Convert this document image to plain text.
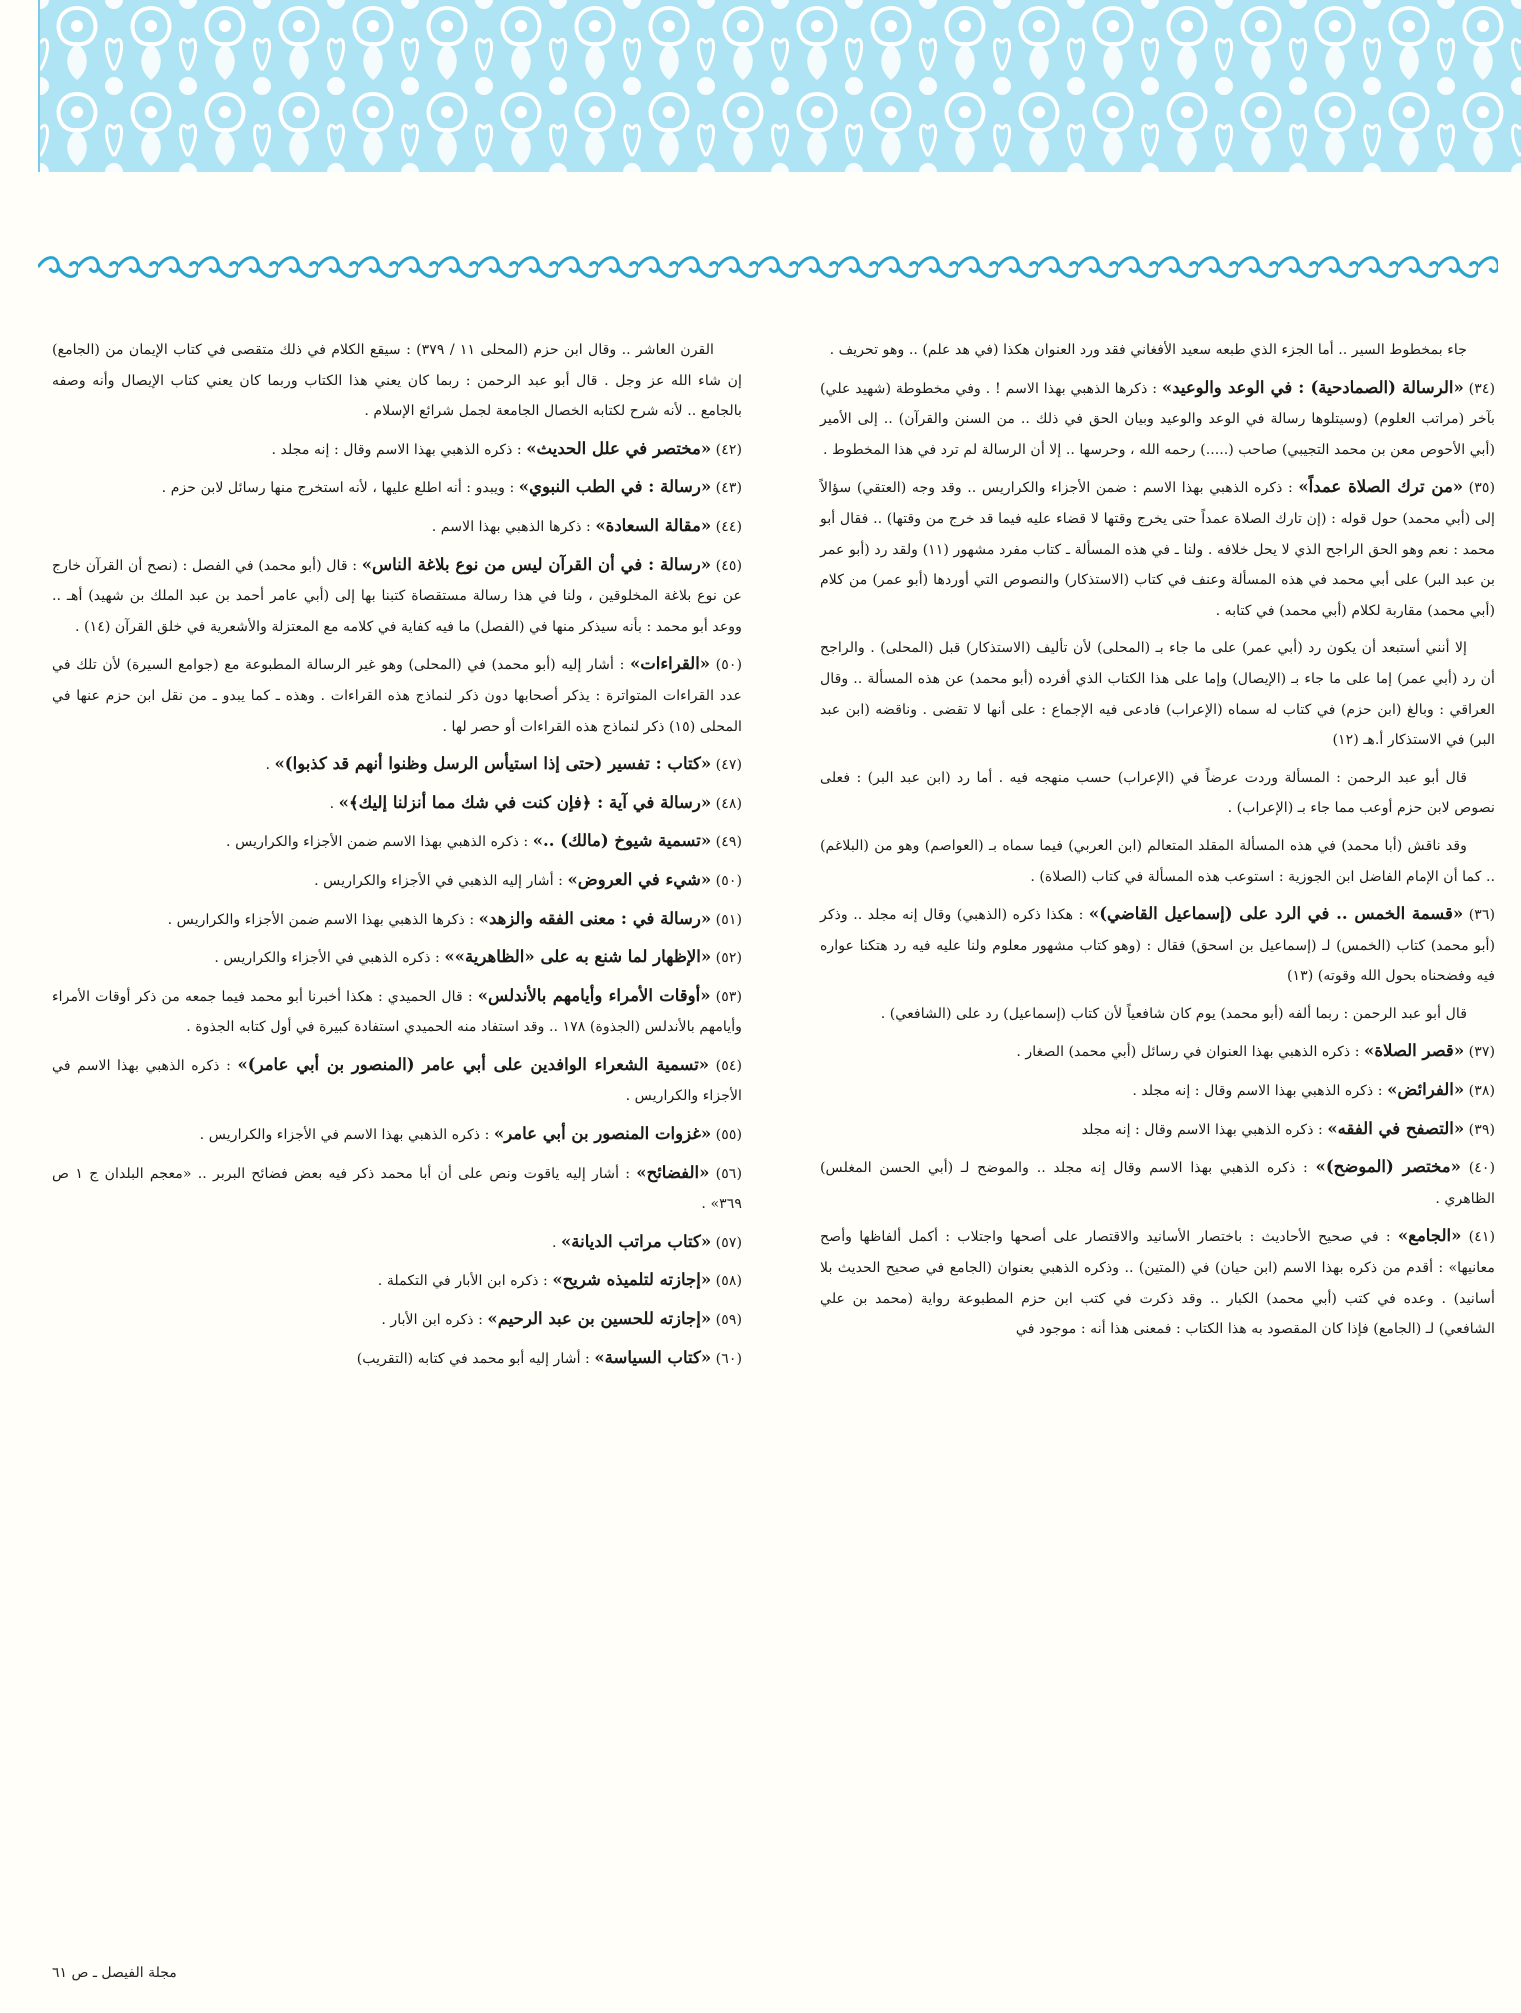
جاء بمخطوط السير .. أما الجزء الذي طبعه سعيد الأفغاني فقد ورد العنوان هكذا (في هد علم) .. وهو تحريف .
(٣٤) «الرسالة (الصمادحية) : في الوعد والوعيد» : ذكرها الذهبي بهذا الاسم ! . وفي مخطوطة (شهيد علي) بآخر (مراتب العلوم) (وسيتلوها رسالة في الوعد والوعيد وبيان الحق في ذلك .. من السنن والقرآن) .. إلى الأمير (أبي الأحوص معن بن محمد التجيبي) صاحب (.....) رحمه الله ، وحرسها .. إلا أن الرسالة لم ترد في هذا المخطوط .
(٣٥) «من ترك الصلاة عمداً» : ذكره الذهبي بهذا الاسم : ضمن الأجزاء والكراريس .. وقد وجه (العتقي) سؤالاً إلى (أبي محمد) حول قوله : (إن تارك الصلاة عمداً حتى يخرج وقتها لا قضاء عليه فيما قد خرج من وقتها) .. فقال أبو محمد : نعم وهو الحق الراجح الذي لا يحل خلافه . ولنا ـ في هذه المسألة ـ كتاب مفرد مشهور (١١) ولقد رد (أبو عمر بن عبد البر) على أبي محمد في هذه المسألة وعنف في كتاب (الاستذكار) والنصوص التي أوردها (أبو عمر) من كلام (أبي محمد) مقاربة لكلام (أبي محمد) في كتابه .
إلا أنني أستبعد أن يكون رد (أبي عمر) على ما جاء بـ (المحلى) لأن تأليف (الاستذكار) قبل (المحلى) . والراجح أن رد (أبي عمر) إما على ما جاء بـ (الإيصال) وإما على هذا الكتاب الذي أفرده (أبو محمد) عن هذه المسألة .. وقال العراقي : وبالغ (ابن حزم) في كتاب له سماه (الإعراب) فادعى فيه الإجماع : على أنها لا تقضى . وناقضه (ابن عبد البر) في الاستذكار أ.هـ (١٢)
قال أبو عبد الرحمن : المسألة وردت عرضاً في (الإعراب) حسب منهجه فيه . أما رد (ابن عبد البر) : فعلى نصوص لابن حزم أوعب مما جاء بـ (الإعراب) .
وقد ناقش (أبا محمد) في هذه المسألة المقلد المتعالم (ابن العربي) فيما سماه بـ (العواصم) وهو من (البلاغم) .. كما أن الإمام الفاضل ابن الجوزية : استوعب هذه المسألة في كتاب (الصلاة) .
(٣٦) «قسمة الخمس .. في الرد على (إسماعيل القاضي)» : هكذا ذكره (الذهبي) وقال إنه مجلد .. وذكر (أبو محمد) كتاب (الخمس) لـ (إسماعيل بن اسحق) فقال : (وهو كتاب مشهور معلوم ولنا عليه فيه رد هتكنا عواره فيه وفضحناه بحول الله وقوته) (١٣)
قال أبو عبد الرحمن : ربما ألفه (أبو محمد) يوم كان شافعياً لأن كتاب (إسماعيل) رد على (الشافعي) .
(٣٧) «قصر الصلاة» : ذكره الذهبي بهذا العنوان في رسائل (أبي محمد) الصغار .
(٣٨) «الفرائض» : ذكره الذهبي بهذا الاسم وقال : إنه مجلد .
(٣٩) «التصفح في الفقه» : ذكره الذهبي بهذا الاسم وقال : إنه مجلد
(٤٠) «مختصر (الموضح)» : ذكره الذهبي بهذا الاسم وقال إنه مجلد .. والموضح لـ (أبي الحسن المغلس) الظاهري .
(٤١) «الجامع» : في صحيح الأحاديث : باختصار الأسانيد والاقتصار على أصحها واجتلاب : أكمل ألفاظها وأصح معانيها» : أقدم من ذكره بهذا الاسم (ابن حيان) في (المتين) .. وذكره الذهبي بعنوان (الجامع في صحيح الحديث بلا أسانيد) . وعده في كتب (أبي محمد) الكبار .. وقد ذكرت في كتب ابن حزم المطبوعة رواية (محمد بن علي الشافعي) لـ (الجامع) فإذا كان المقصود به هذا الكتاب : فمعنى هذا أنه : موجود في
القرن العاشر .. وقال ابن حزم (المحلى ١١ / ٣٧٩) : سيقع الكلام في ذلك متقصى في كتاب الإيمان من (الجامع) إن شاء الله عز وجل . قال أبو عبد الرحمن : ربما كان يعني هذا الكتاب وربما كان يعني كتاب الإيصال وأنه وصفه بالجامع .. لأنه شرح لكتابه الخصال الجامعة لجمل شرائع الإسلام .
(٤٢) «مختصر في علل الحديث» : ذكره الذهبي بهذا الاسم وقال : إنه مجلد .
(٤٣) «رسالة : في الطب النبوي» : ويبدو : أنه اطلع عليها ، لأنه استخرج منها رسائل لابن حزم .
(٤٤) «مقالة السعادة» : ذكرها الذهبي بهذا الاسم .
(٤٥) «رسالة : في أن القرآن ليس من نوع بلاغة الناس» : قال (أبو محمد) في الفصل : (نصح أن القرآن خارج عن نوع بلاغة المخلوقين ، ولنا في هذا رسالة مستقصاة كتبنا بها إلى (أبي عامر أحمد بن عبد الملك بن شهيد) أهـ .. ووعد أبو محمد : بأنه سيذكر منها في (الفصل) ما فيه كفاية في كلامه مع المعتزلة والأشعرية في خلق القرآن (١٤) .
(٥٠) «القراءات» : أشار إليه (أبو محمد) في (المحلى) وهو غير الرسالة المطبوعة مع (جوامع السيرة) لأن تلك في عدد القراءات المتواترة : يذكر أصحابها دون ذكر لنماذج هذه القراءات . وهذه ـ كما يبدو ـ من نقل ابن حزم عنها في المحلى (١٥) ذكر لنماذج هذه القراءات أو حصر لها .
(٤٧) «كتاب : تفسير (حتى إذا استيأس الرسل وظنوا أنهم قد كذبوا)» .
(٤٨) «رسالة في آية : ﴿فإن كنت في شك مما أنزلنا إليك﴾» .
(٤٩) «تسمية شيوخ (مالك) ..» : ذكره الذهبي بهذا الاسم ضمن الأجزاء والكراريس .
(٥٠) «شيء في العروض» : أشار إليه الذهبي في الأجزاء والكراريس .
(٥١) «رسالة في : معنى الفقه والزهد» : ذكرها الذهبي بهذا الاسم ضمن الأجزاء والكراريس .
(٥٢) «الإظهار لما شنع به على «الظاهرية»» : ذكره الذهبي في الأجزاء والكراريس .
(٥٣) «أوقات الأمراء وأيامهم بالأندلس» : قال الحميدي : هكذا أخبرنا أبو محمد فيما جمعه من ذكر أوقات الأمراء وأيامهم بالأندلس (الجذوة) ١٧٨ .. وقد استفاد منه الحميدي استفادة كبيرة في أول كتابه الجذوة .
(٥٤) «تسمية الشعراء الوافدين على أبي عامر (المنصور بن أبي عامر)» : ذكره الذهبي بهذا الاسم في الأجزاء والكراريس .
(٥٥) «غزوات المنصور بن أبي عامر» : ذكره الذهبي بهذا الاسم في الأجزاء والكراريس .
(٥٦) «الفضائح» : أشار إليه ياقوت ونص على أن أبا محمد ذكر فيه بعض فضائح البربر .. «معجم البلدان ج ١ ص ٣٦٩» .
(٥٧) «كتاب مراتب الديانة» .
(٥٨) «إجازته لتلميذه شريح» : ذكره ابن الأبار في التكملة .
(٥٩) «إجازته للحسين بن عبد الرحيم» : ذكره ابن الأبار .
(٦٠) «كتاب السياسة» : أشار إليه أبو محمد في كتابه (التقريب)
مجلة الفيصل ـ ص ٦١
